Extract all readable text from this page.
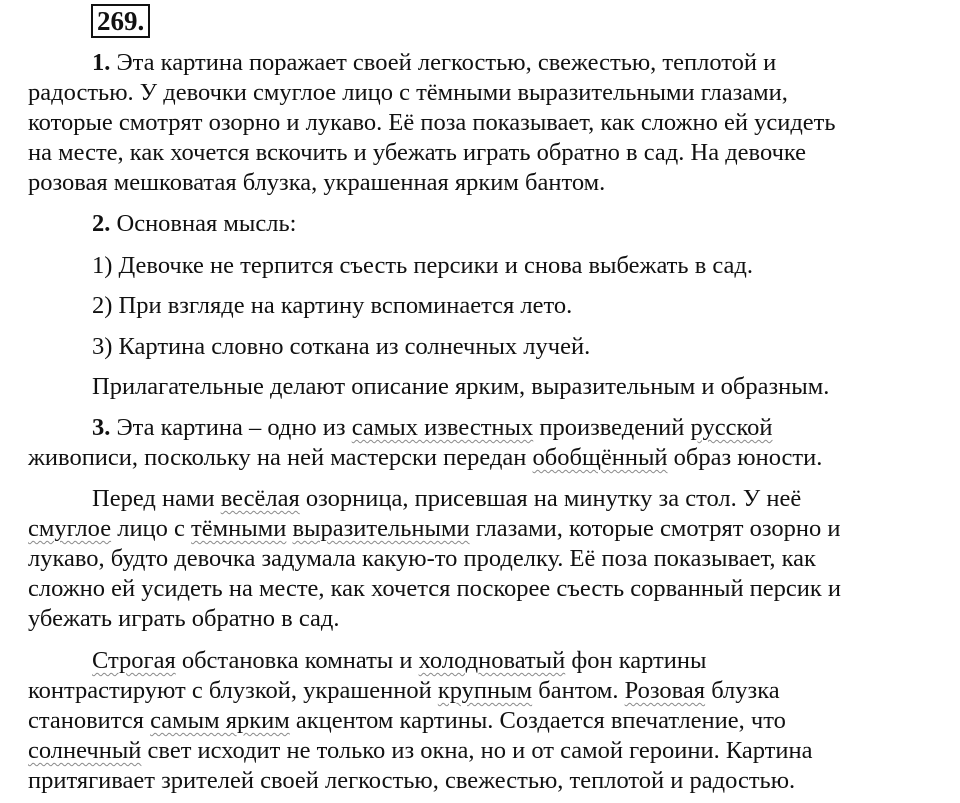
269.

1. Эта картина поражает своей легкостью, свежестью, теплотой и

радостью. У девочки смуглое лицо с тёмными выразительными глазами,

которые смотрят озорно и лукаво. Её поза показывает, как сложно ей усидеть

на месте, как хочется вскочить и убежать играть обратно в сад. На девочке

розовая мешковатая блузка, украшенная ярким бантом.

2. Основная мысль:

1) Девочке не терпится съесть персики и снова выбежать в сад.

2) При взгляде на картину вспоминается лето.

3) Картина словно соткана из солнечных лучей.

Прилагательные делают описание ярким, выразительным и образным.

3. Эта картина – одно из самых известных произведений русской

живописи, поскольку на ней мастерски передан обобщённый образ юности.

Перед нами весёлая озорница, присевшая на минутку за стол. У неё

смуглое лицо с тёмными выразительными глазами, которые смотрят озорно и

лукаво, будто девочка задумала какую-то проделку. Её поза показывает, как

сложно ей усидеть на месте, как хочется поскорее съесть сорванный персик и

убежать играть обратно в сад.

Строгая обстановка комнаты и холодноватый фон картины

контрастируют с блузкой, украшенной крупным бантом. Розовая блузка

становится самым ярким акцентом картины. Создается впечатление, что

солнечный свет исходит не только из окна, но и от самой героини. Картина

притягивает зрителей своей легкостью, свежестью, теплотой и радостью.
